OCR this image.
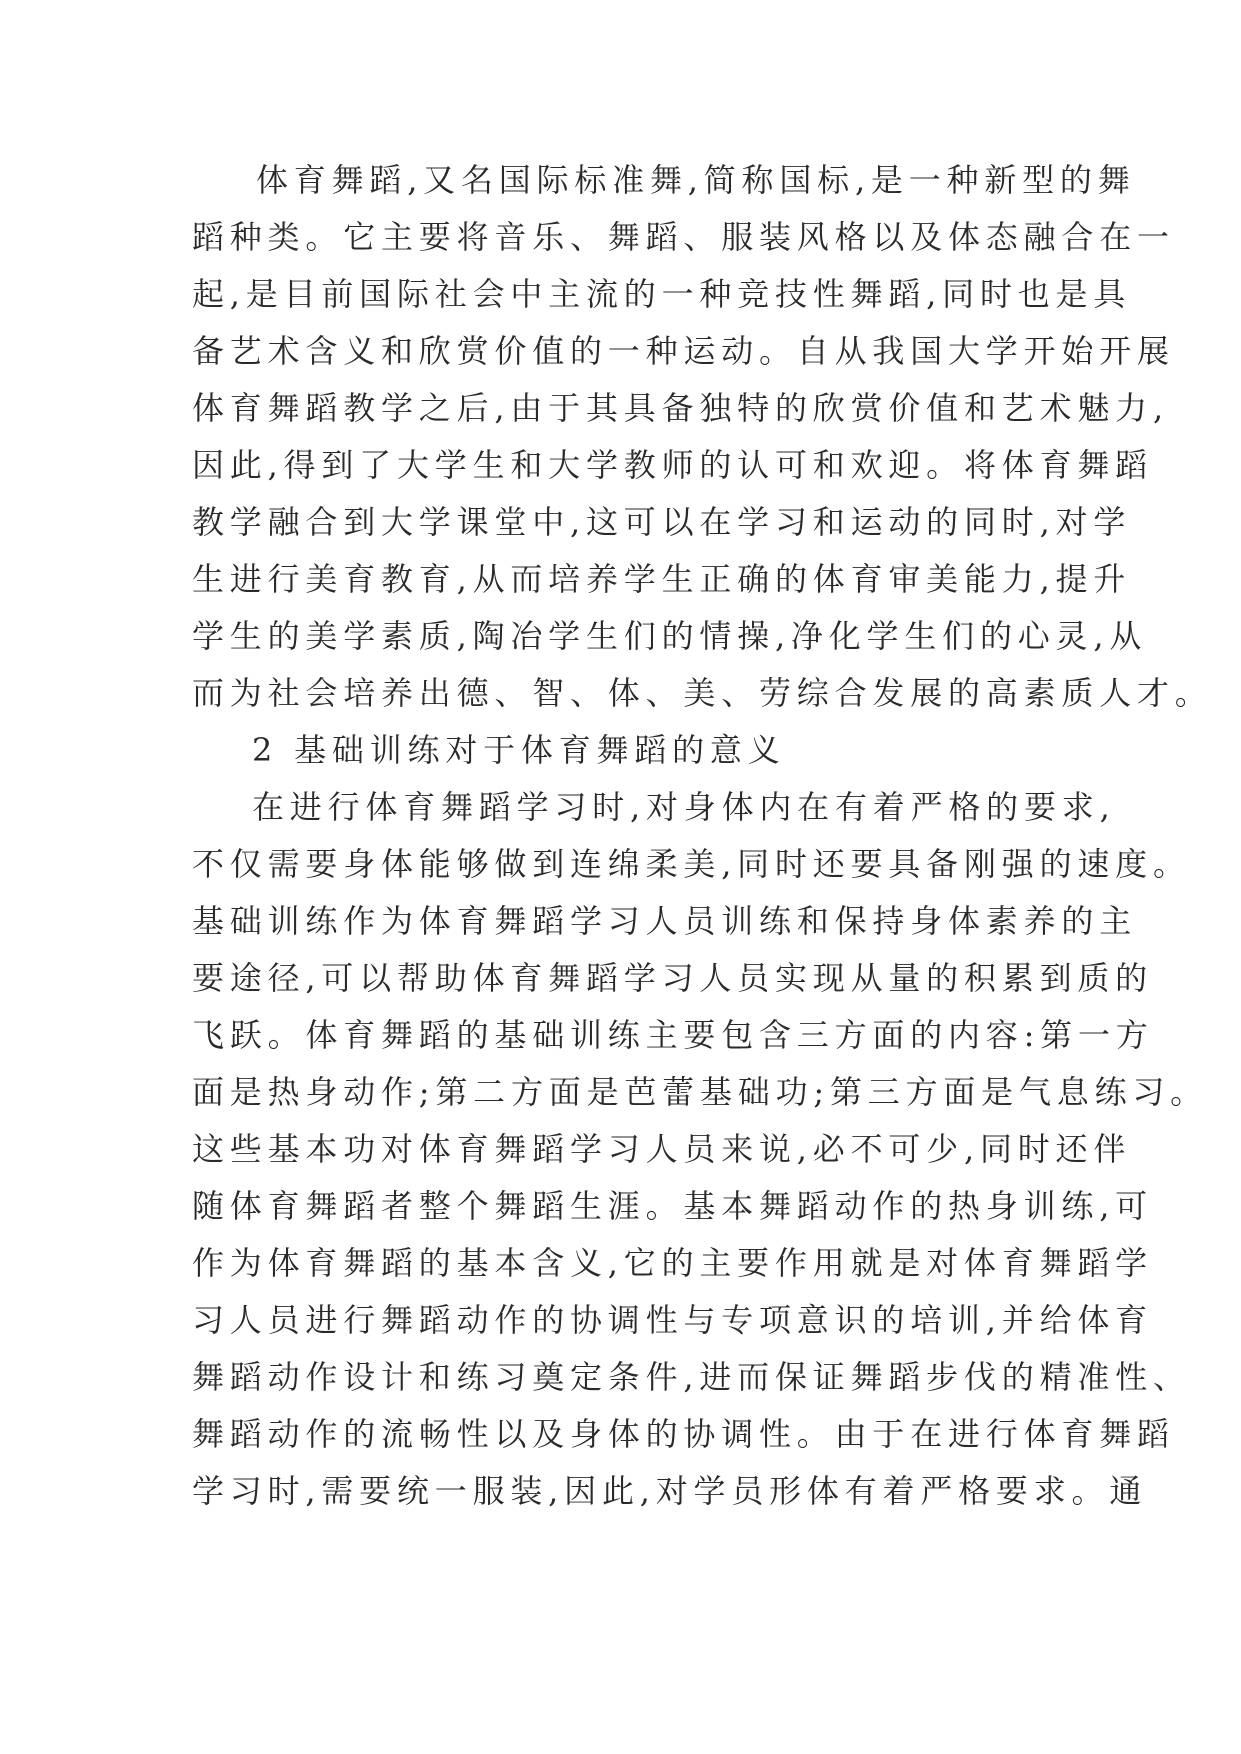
体育舞蹈,又名国际标准舞,简称国标,是一种新型的舞
蹈种类。它主要将音乐、舞蹈、服装风格以及体态融合在一
起,是目前国际社会中主流的一种竞技性舞蹈,同时也是具
备艺术含义和欣赏价值的一种运动。自从我国大学开始开展
体育舞蹈教学之后,由于其具备独特的欣赏价值和艺术魅力,
因此,得到了大学生和大学教师的认可和欢迎。将体育舞蹈
教学融合到大学课堂中,这可以在学习和运动的同时,对学
生进行美育教育,从而培养学生正确的体育审美能力,提升
学生的美学素质,陶冶学生们的情操,净化学生们的心灵,从
而为社会培养出德、智、体、美、劳综合发展的高素质人才。
2 基础训练对于体育舞蹈的意义
在进行体育舞蹈学习时,对身体内在有着严格的要求,
不仅需要身体能够做到连绵柔美,同时还要具备刚强的速度。
基础训练作为体育舞蹈学习人员训练和保持身体素养的主
要途径,可以帮助体育舞蹈学习人员实现从量的积累到质的
飞跃。体育舞蹈的基础训练主要包含三方面的内容:第一方
面是热身动作;第二方面是芭蕾基础功;第三方面是气息练习。
这些基本功对体育舞蹈学习人员来说,必不可少,同时还伴
随体育舞蹈者整个舞蹈生涯。基本舞蹈动作的热身训练,可
作为体育舞蹈的基本含义,它的主要作用就是对体育舞蹈学
习人员进行舞蹈动作的协调性与专项意识的培训,并给体育
舞蹈动作设计和练习奠定条件,进而保证舞蹈步伐的精准性、
舞蹈动作的流畅性以及身体的协调性。由于在进行体育舞蹈
学习时,需要统一服装,因此,对学员形体有着严格要求。通
